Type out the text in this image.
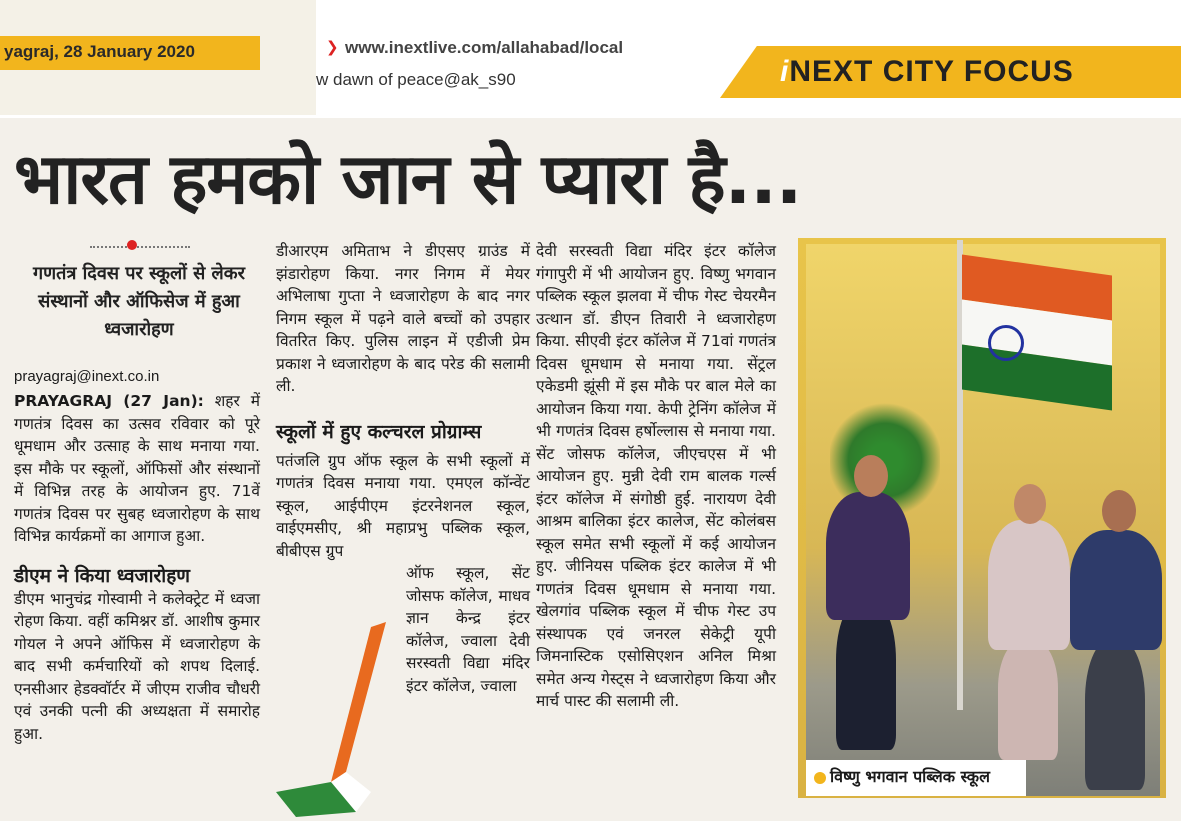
yagraj, 28 January 2020	❯ www.inextlive.com/allahabad/local
w dawn of peace@ak_s90	iNEXT CITY FOCUS
भारत हमको जान से प्यारा है...
गणतंत्र दिवस पर स्कूलों से लेकर संस्थानों और ऑफिसेज में हुआ ध्वजारोहण
prayagraj@inext.co.in
PRAYAGRAJ (27 Jan): शहर में गणतंत्र दिवस का उत्सव रविवार को पूरे धूमधाम और उत्साह के साथ मनाया गया. इस मौके पर स्कूलों, ऑफिसों और संस्थानों में विभिन्न तरह के आयोजन हुए. 71वें गणतंत्र दिवस पर सुबह ध्वजारोहण के साथ विभिन्न कार्यक्रमों का आगाज हुआ.
डीएम ने किया ध्वजारोहण
डीएम भानुचंद्र गोस्वामी ने कलेक्ट्रेट में ध्वजा रोहण किया. वहीं कमिश्नर डॉ. आशीष कुमार गोयल ने अपने ऑफिस में ध्वजारोहण के बाद सभी कर्मचारियों को शपथ दिलाई. एनसीआर हेडक्वॉर्टर में जीएम राजीव चौधरी एवं उनकी पत्नी की अध्यक्षता में समारोह हुआ.
डीआरएम अमिताभ ने डीएसए ग्राउंड में झंडारोहण किया. नगर निगम में मेयर अभिलाषा गुप्ता ने ध्वजारोहण के बाद नगर निगम स्कूल में पढ़ने वाले बच्चों को उपहार वितरित किए. पुलिस लाइन में एडीजी प्रेम प्रकाश ने ध्वजारोहण के बाद परेड की सलामी ली.
स्कूलों में हुए कल्चरल प्रोग्राम्स
पतंजलि ग्रुप ऑफ स्कूल के सभी स्कूलों में गणतंत्र दिवस मनाया गया. एमएल कॉन्वेंट स्कूल, आईपीएम इंटरनेशनल स्कूल, वाईएमसीए, श्री महाप्रभु पब्लिक स्कूल, बीबीएस ग्रुप
ऑफ स्कूल, सेंट जोसफ कॉलेज, माधव ज्ञान केन्द्र इंटर कॉलेज, ज्वाला देवी सरस्वती विद्या मंदिर इंटर कॉलेज, ज्वाला
देवी सरस्वती विद्या मंदिर इंटर कॉलेज गंगापुरी में भी आयोजन हुए. विष्णु भगवान पब्लिक स्कूल झलवा में चीफ गेस्ट चेयरमैन उत्थान डॉ. डीएन तिवारी ने ध्वजारोहण किया. सीएवी इंटर कॉलेज में 71वां गणतंत्र दिवस धूमधाम से मनाया गया. सेंट्रल एकेडमी झूंसी में इस मौके पर बाल मेले का आयोजन किया गया. केपी ट्रेनिंग कॉलेज में भी गणतंत्र दिवस हर्षोल्लास से मनाया गया. सेंट जोसफ कॉलेज, जीएचएस में भी आयोजन हुए. मुन्नी देवी राम बालक गर्ल्स इंटर कॉलेज में संगोष्ठी हुई. नारायण देवी आश्रम बालिका इंटर कालेज, सेंट कोलंबस स्कूल समेत सभी स्कूलों में कई आयोजन हुए. जीनियस पब्लिक इंटर कालेज में भी गणतंत्र दिवस धूमधाम से मनाया गया. खेलगांव पब्लिक स्कूल में चीफ गेस्ट उप संस्थापक एवं जनरल सेकेट्री यूपी जिमनास्टिक एसोसिएशन अनिल मिश्रा समेत अन्य गेस्ट्स ने ध्वजारोहण किया और मार्च पास्ट की सलामी ली.
विष्णु भगवान पब्लिक स्कूल
